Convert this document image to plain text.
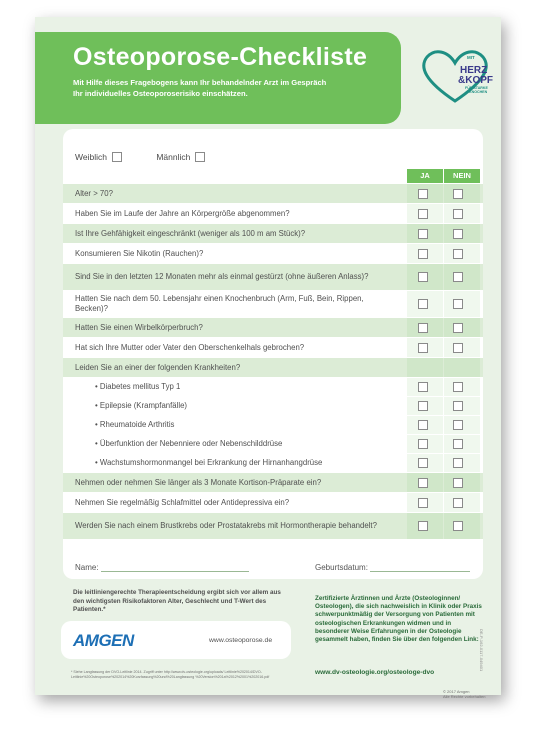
Osteoporose-Checkliste
Mit Hilfe dieses Fragebogens kann Ihr behandelnder Arzt im Gespräch
Ihr individuelles Osteoporoserisiko einschätzen.
MIT
HERZ
&KOPF
FÜR STARKE
KNOCHEN
Weiblich	Männlich
JA	NEIN
Alter > 70?
Haben Sie im Laufe der Jahre an Körpergröße abgenommen?
Ist Ihre Gehfähigkeit eingeschränkt (weniger als 100 m am Stück)?
Konsumieren Sie Nikotin (Rauchen)?
Sind Sie in den letzten 12 Monaten mehr als einmal gestürzt (ohne äußeren Anlass)?
Hatten Sie nach dem 50. Lebensjahr einen Knochenbruch (Arm, Fuß, Bein, Rippen, Becken)?
Hatten Sie einen Wirbelkörperbruch?
Hat sich Ihre Mutter oder Vater den Oberschenkelhals gebrochen?
Leiden Sie an einer der folgenden Krankheiten?
• Diabetes mellitus Typ 1
• Epilepsie (Krampfanfälle)
• Rheumatoide Arthritis
• Überfunktion der Nebenniere oder Nebenschilddrüse
• Wachstumshormonmangel bei Erkrankung der Hirnanhangdrüse
Nehmen oder nehmen Sie länger als 3 Monate Kortison-Präparate ein?
Nehmen Sie regelmäßig Schlafmittel oder Antidepressiva ein?
Werden Sie nach einem Brustkrebs oder Prostatakrebs mit Hormontherapie behandelt?
Name:	Geburtsdatum:
Die leitliniengerechte Therapieentscheidung ergibt sich vor allem aus den wichtigsten Risikofaktoren Alter, Geschlecht und T-Wert des Patienten.*
AMGEN	www.osteoporose.de
* Siehe Langfassung der DVO-Leitlinie 2014. Zugriff unter http://www.dv-osteologie.org/uploads/ Leitlinie%202014/DVO-Leitlinie%20Osteoporose%202014%20Kurzfassung%20und%20Langfassung %20Version%201a%2012%2001%202016.pdf
Zertifizierte Ärztinnen und Ärzte (Osteologinnen/ Osteologen), die sich nachweislich in Klinik oder Praxis schwerpunktmäßig der Versorgung von Patienten mit osteologischen Erkrankungen widmen und in besonderer Weise Erfahrungen in der Osteologie gesammelt haben, finden Sie über den folgenden Link:
www.dv-osteologie.org/osteologe-dvo
© 2017 Amgen
Alle Rechte vorbehalten
DE-P-162-0117-049401
